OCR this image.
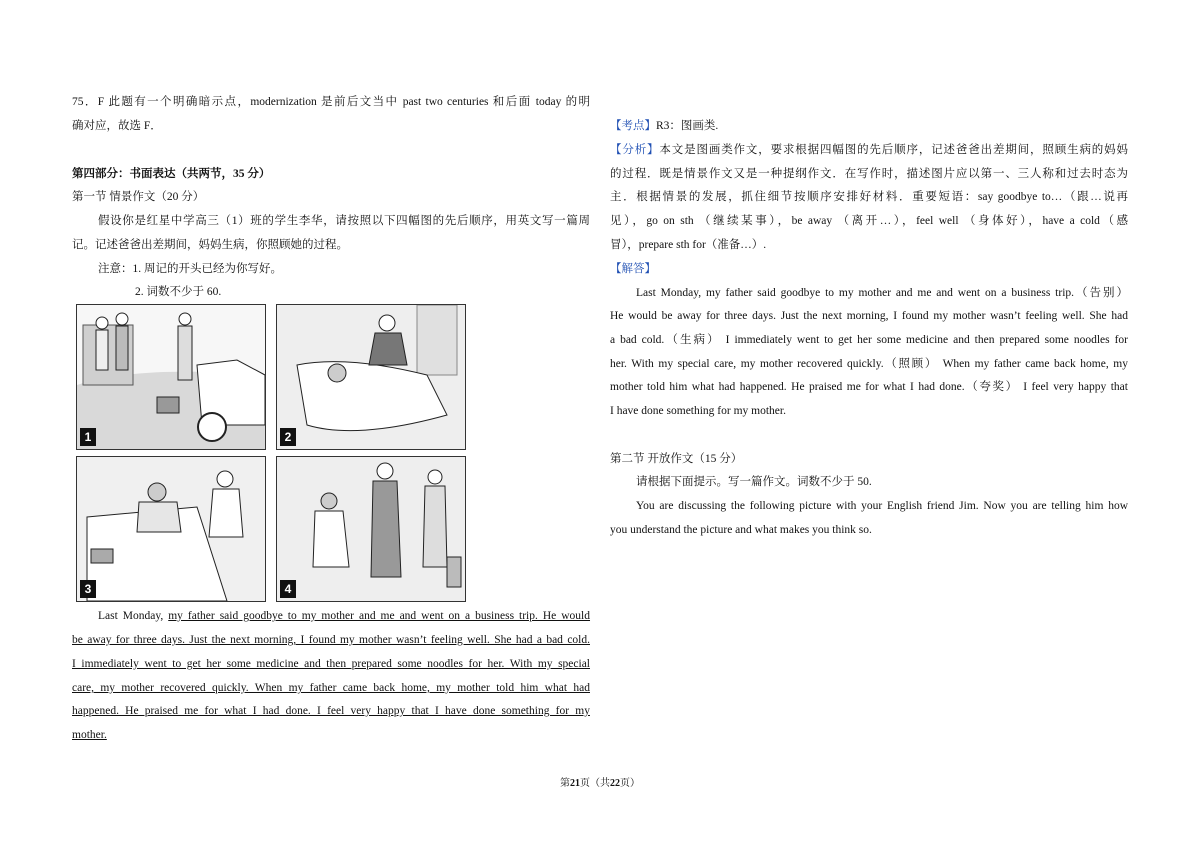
75．F 此题有一个明确暗示点，modernization 是前后文当中 past two centuries 和后面 today 的明
确对应，故选 F．
第四部分：书面表达（共两节，35 分）
第一节 情景作文（20 分）
假设你是红星中学高三（1）班的学生李华，请按照以下四幅图的先后顺序，用英文写一篇周
记。记述爸爸出差期间，妈妈生病，你照顾她的过程。
注意：1. 周记的开头已经为你写好。
2. 词数不少于 60.
Last Monday, my father said goodbye to my mother and me and went on a business trip. He would
be away for three days. Just the next morning, I found my mother wasn’t feeling well. She had a bad cold.
I immediately went to get her some medicine and then prepared some noodles for her. With my special
care, my mother recovered quickly. When my father came back home, my mother told him what had
happened. He praised me for what I had done. I feel very happy that I have done something for my
mother.
1	2
3	4
【考点】R3：图画类.
【分析】本文是图画类作文，要求根据四幅图的先后顺序，记述爸爸出差期间，照顾生病的妈妈
的过程．既是情景作文又是一种提纲作文．在写作时，描述图片应以第一、三人称和过去时态为
主．根据情景的发展，抓住细节按顺序安排好材料．重要短语：say goodbye to…（跟…说再
见），go on sth （继续某事），be away （离开…），feel well （身体好），have a cold（感
冒），prepare sth for（准备…）.
【解答】
Last Monday, my father said goodbye to my mother and me and went on a business trip.（告别）
He would be away for three days. Just the next morning, I found my mother wasn’t feeling well. She had
a bad cold.（生病） I immediately went to get her some medicine and then prepared some noodles for
her. With my special care, my mother recovered quickly.（照顾） When my father came back home, my
mother told him what had happened. He praised me for what I had done.（夸奖） I feel very happy that
I have done something for my mother.
第二节 开放作文（15 分）
请根据下面提示。写一篇作文。词数不少于 50.
You are discussing the following picture with your English friend Jim. Now you are telling him how
you understand the picture and what makes you think so.
第21页（共22页）
